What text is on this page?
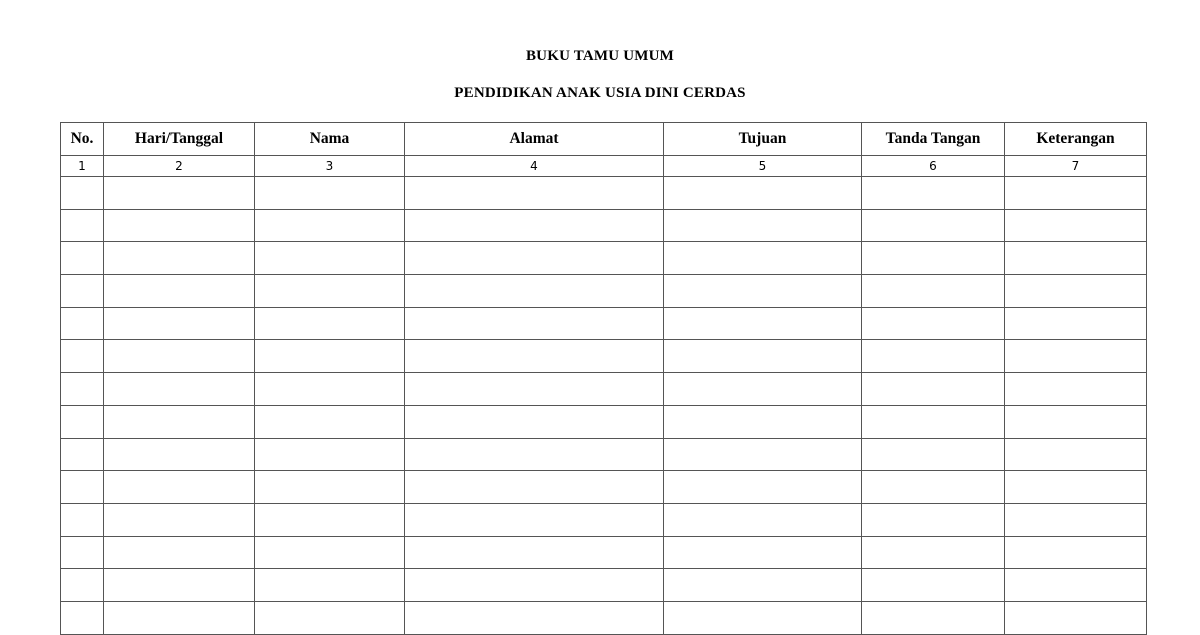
BUKU TAMU UMUM
PENDIDIKAN ANAK USIA DINI CERDAS
No.	Hari/Tanggal	Nama	Alamat	Tujuan	Tanda Tangan	Keterangan
1	2	3	4	5	6	7
